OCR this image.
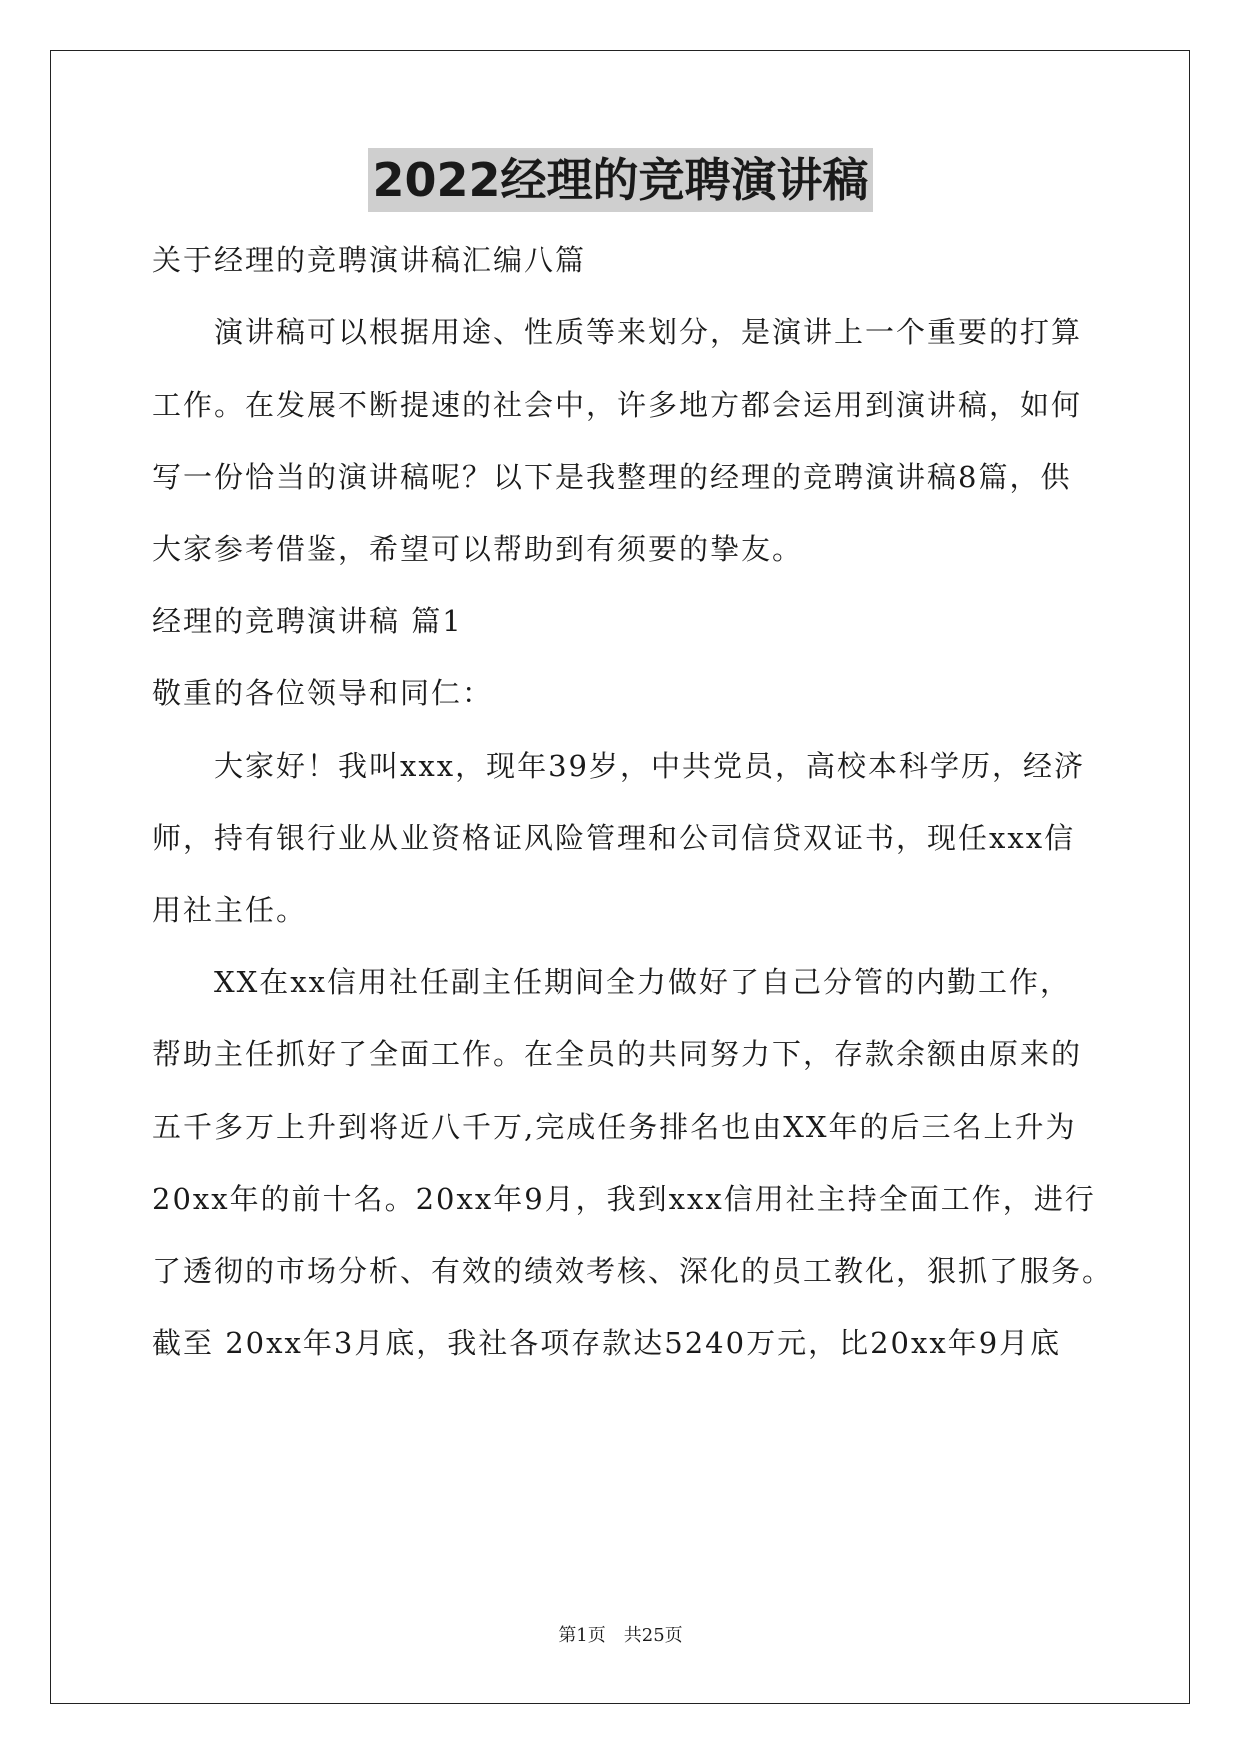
2022经理的竞聘演讲稿
关于经理的竞聘演讲稿汇编八篇
　　演讲稿可以根据用途、性质等来划分，是演讲上一个重要的打算
工作。在发展不断提速的社会中，许多地方都会运用到演讲稿，如何
写一份恰当的演讲稿呢？以下是我整理的经理的竞聘演讲稿8篇，供
大家参考借鉴，希望可以帮助到有须要的挚友。
经理的竞聘演讲稿 篇1
敬重的各位领导和同仁：
　　大家好！我叫xxx，现年39岁，中共党员，高校本科学历，经济
师，持有银行业从业资格证风险管理和公司信贷双证书，现任xxx信
用社主任。
　　XX在xx信用社任副主任期间全力做好了自己分管的内勤工作，
帮助主任抓好了全面工作。在全员的共同努力下，存款余额由原来的
五千多万上升到将近八千万,完成任务排名也由XX年的后三名上升为
20xx年的前十名。20xx年9月，我到xxx信用社主持全面工作，进行
了透彻的市场分析、有效的绩效考核、深化的员工教化，狠抓了服务。
截至 20xx年3月底，我社各项存款达5240万元，比20xx年9月底
第1页　共25页
